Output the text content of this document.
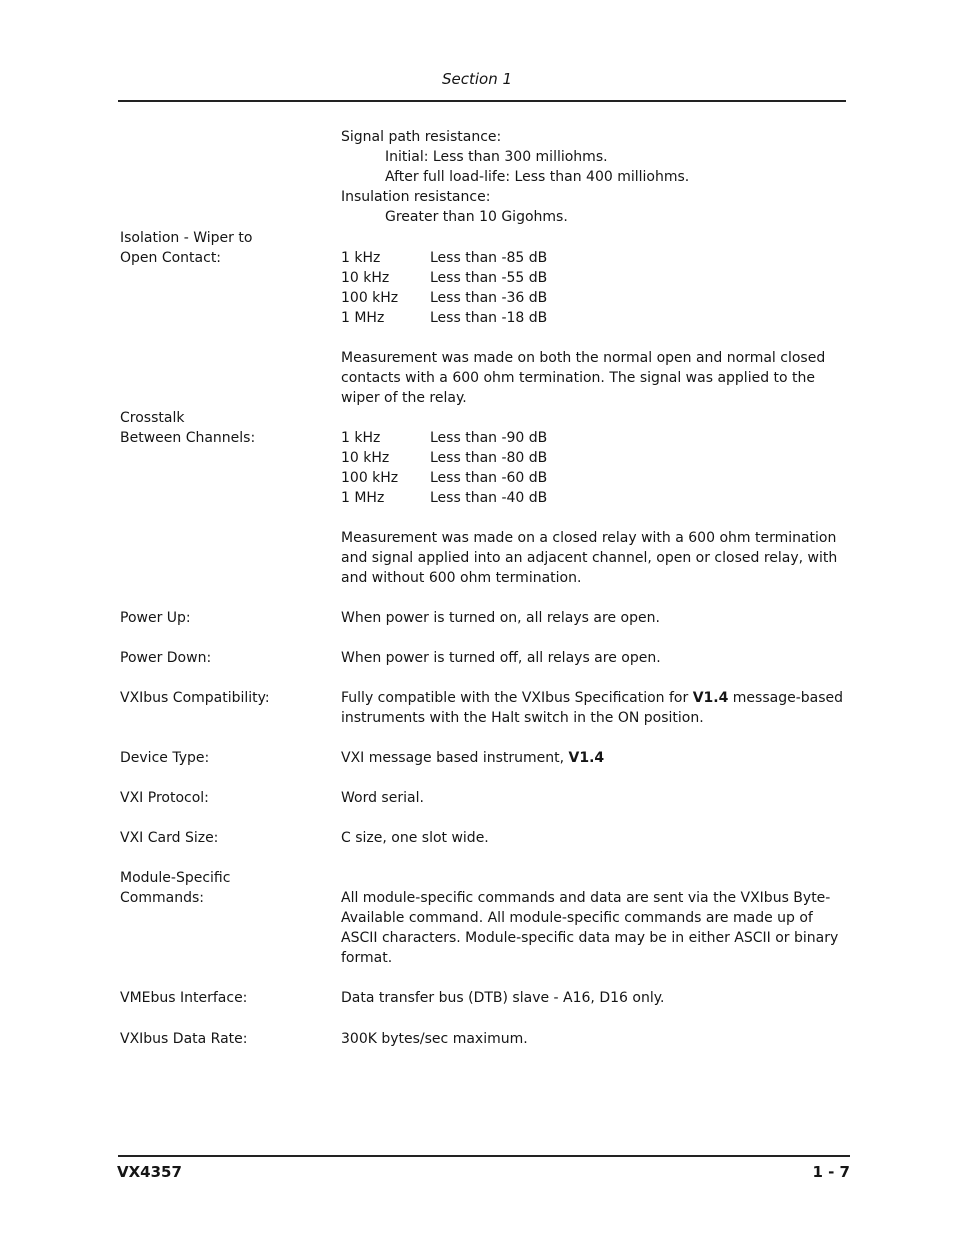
Section 1
Signal path resistance:
Initial: Less than 300 milliohms.
After full load-life: Less than 400 milliohms.
Insulation resistance:
Greater than 10 Gigohms.
Isolation - Wiper to
Open Contact:	1 kHz	Less than -85 dB
10 kHz	Less than -55 dB
100 kHz Less than -36 dB
1 MHz	Less than -18 dB
Measurement was made on both the normal open and normal closed contacts with a 600 ohm termination. The signal was applied to the wiper of the relay.
Crosstalk
Between Channels:	1 kHz	Less than -90 dB
10 kHz	Less than -80 dB
100 kHz Less than -60 dB
1 MHz	Less than -40 dB
Measurement was made on a closed relay with a 600 ohm termination and signal applied into an adjacent channel, open or closed relay, with and without 600 ohm termination.
Power Up:	When power is turned on, all relays are open.
Power Down:	When power is turned off, all relays are open.
VXIbus Compatibility:	Fully compatible with the VXIbus Specification for V1.4 message-based instruments with the Halt switch in the ON position.
Device Type:	VXI message based instrument, V1.4
VXI Protocol:	Word serial.
VXI Card Size:	C size, one slot wide.
Module-Specific
Commands:	All module-specific commands and data are sent via the VXIbus Byte-Available command. All module-specific commands are made up of ASCII characters. Module-specific data may be in either ASCII or binary format.
VMEbus Interface:	Data transfer bus (DTB) slave - A16, D16 only.
VXIbus Data Rate:	300K bytes/sec maximum.
VX4357	1 - 7
